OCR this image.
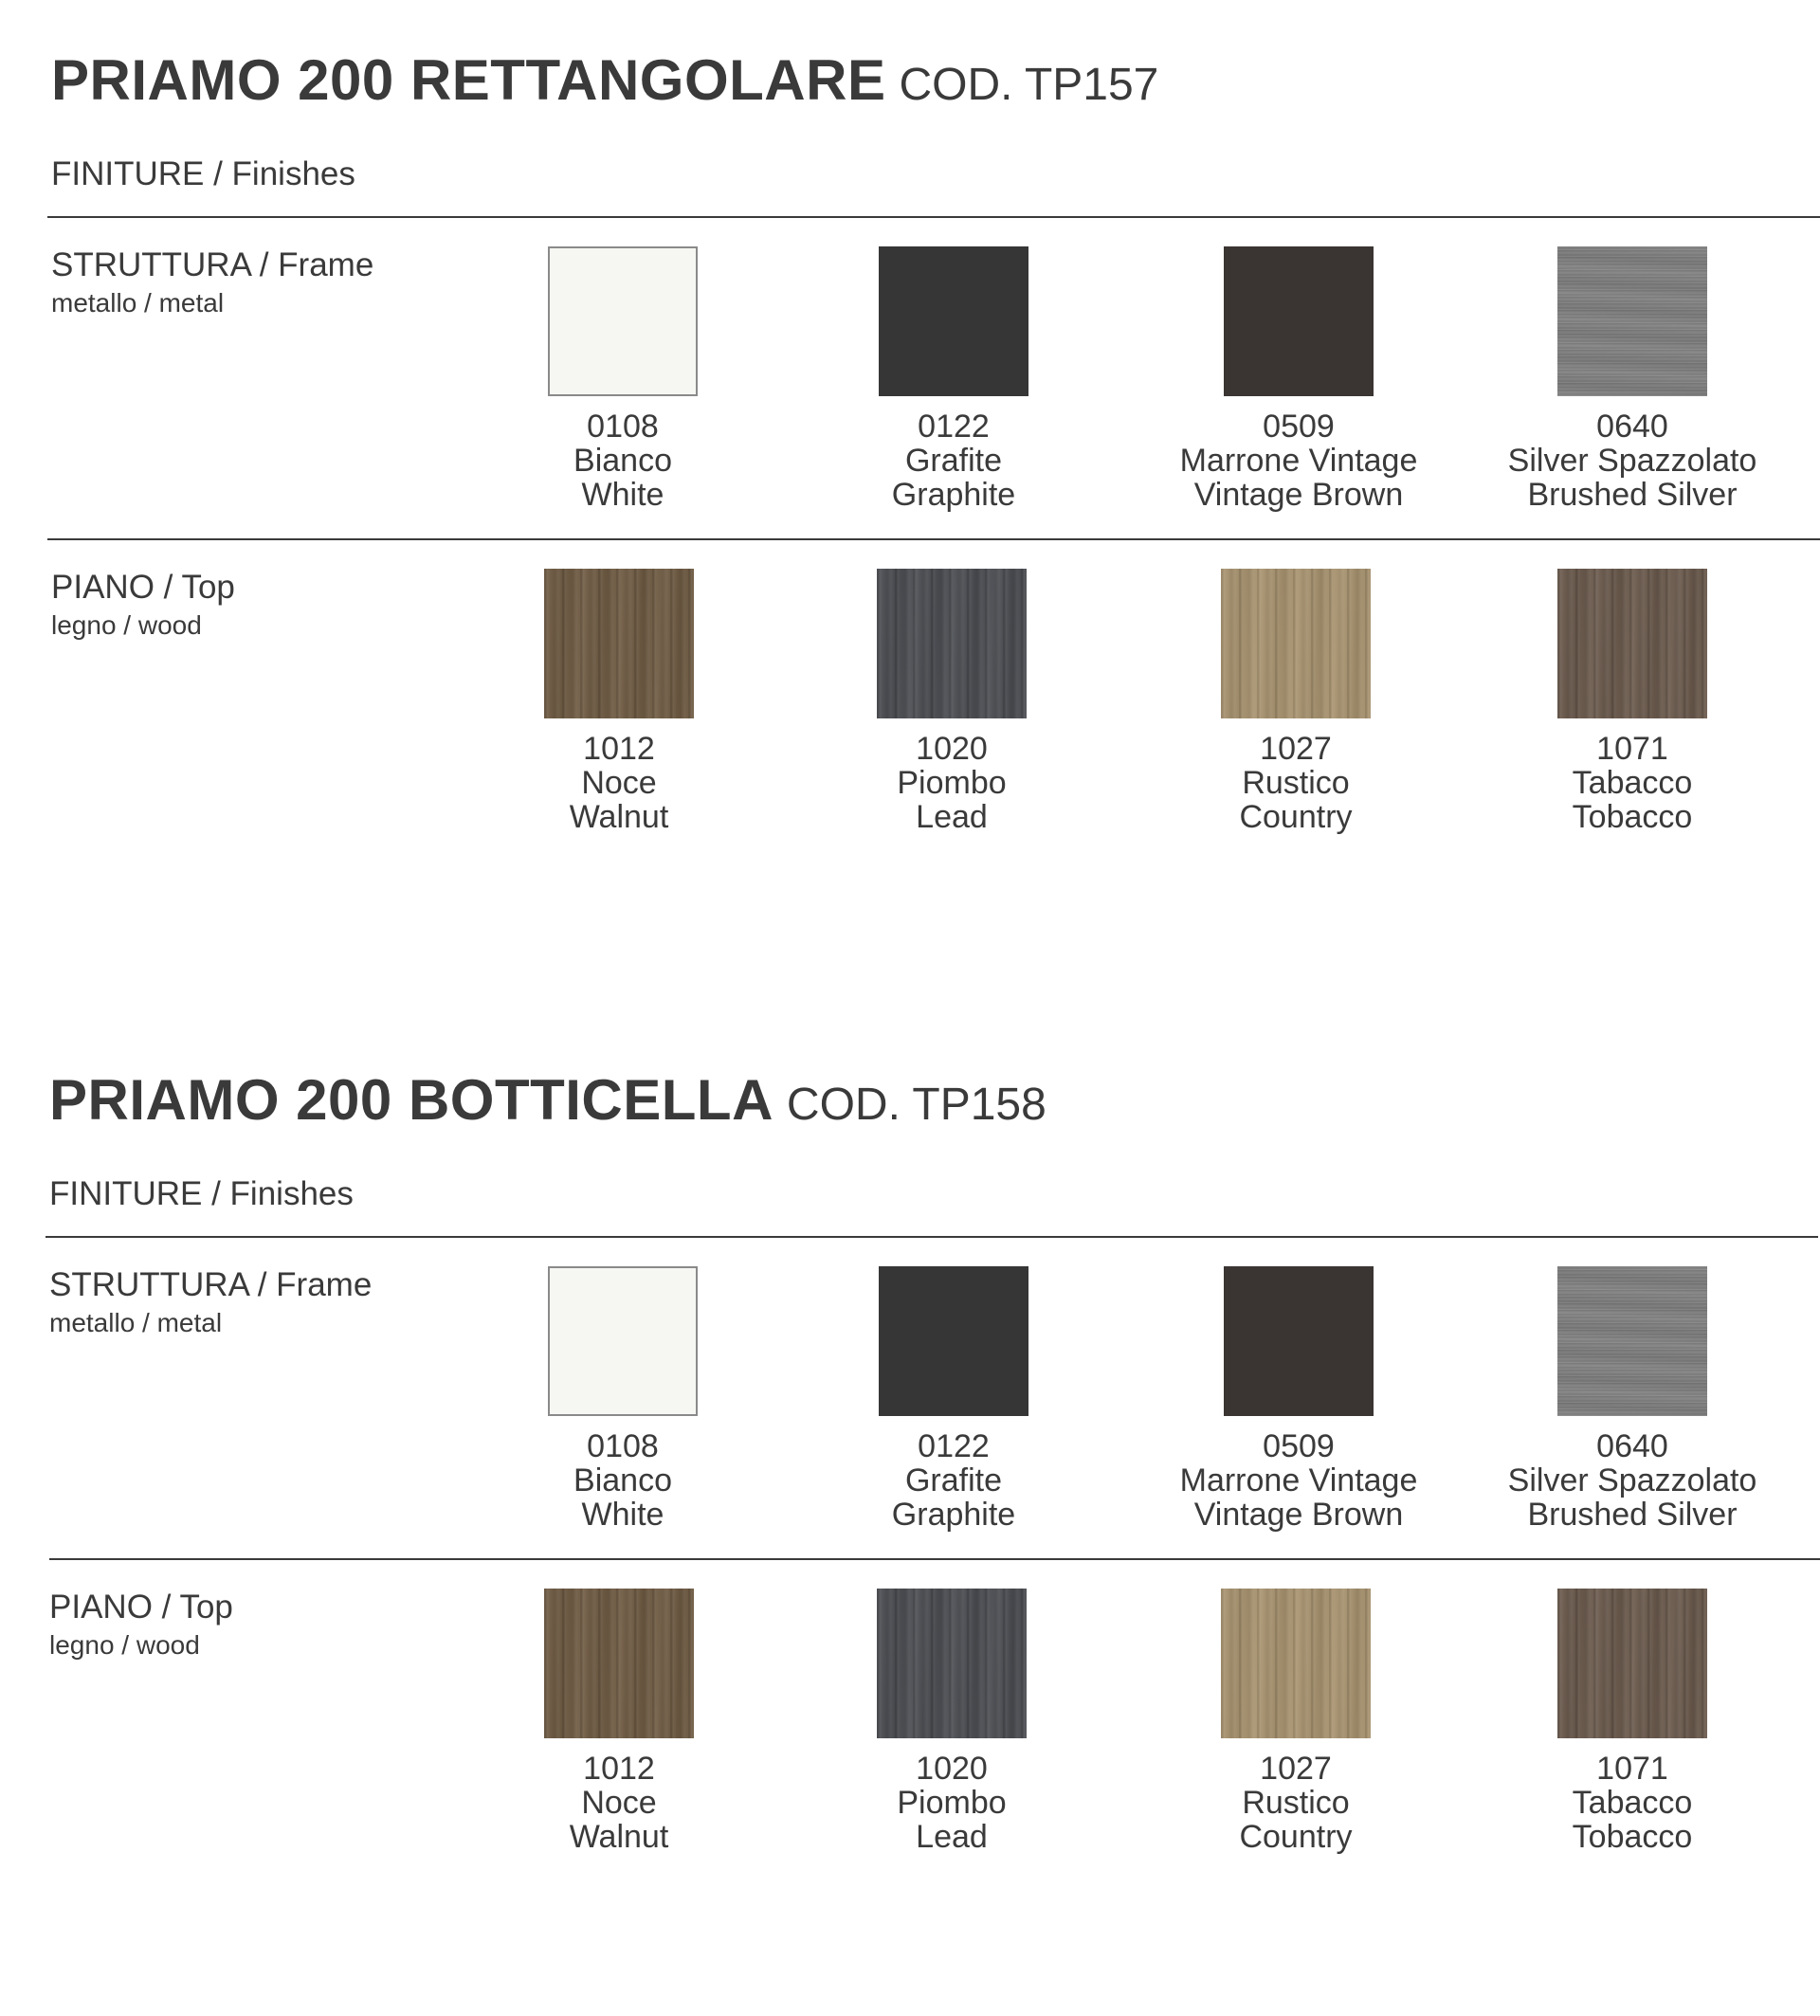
PRIAMO 200 RETTANGOLARE COD. TP157
FINITURE / Finishes
STRUTTURA / Frame
metallo / metal
0108
Bianco
White
0122
Grafite
Graphite
0509
Marrone Vintage
Vintage Brown
0640
Silver Spazzolato
Brushed Silver
PIANO / Top
legno / wood
1012
Noce
Walnut
1020
Piombo
Lead
1027
Rustico
Country
1071
Tabacco
Tobacco
PRIAMO 200 BOTTICELLA COD. TP158
FINITURE / Finishes
STRUTTURA / Frame
metallo / metal
0108
Bianco
White
0122
Grafite
Graphite
0509
Marrone Vintage
Vintage Brown
0640
Silver Spazzolato
Brushed Silver
PIANO / Top
legno / wood
1012
Noce
Walnut
1020
Piombo
Lead
1027
Rustico
Country
1071
Tabacco
Tobacco
